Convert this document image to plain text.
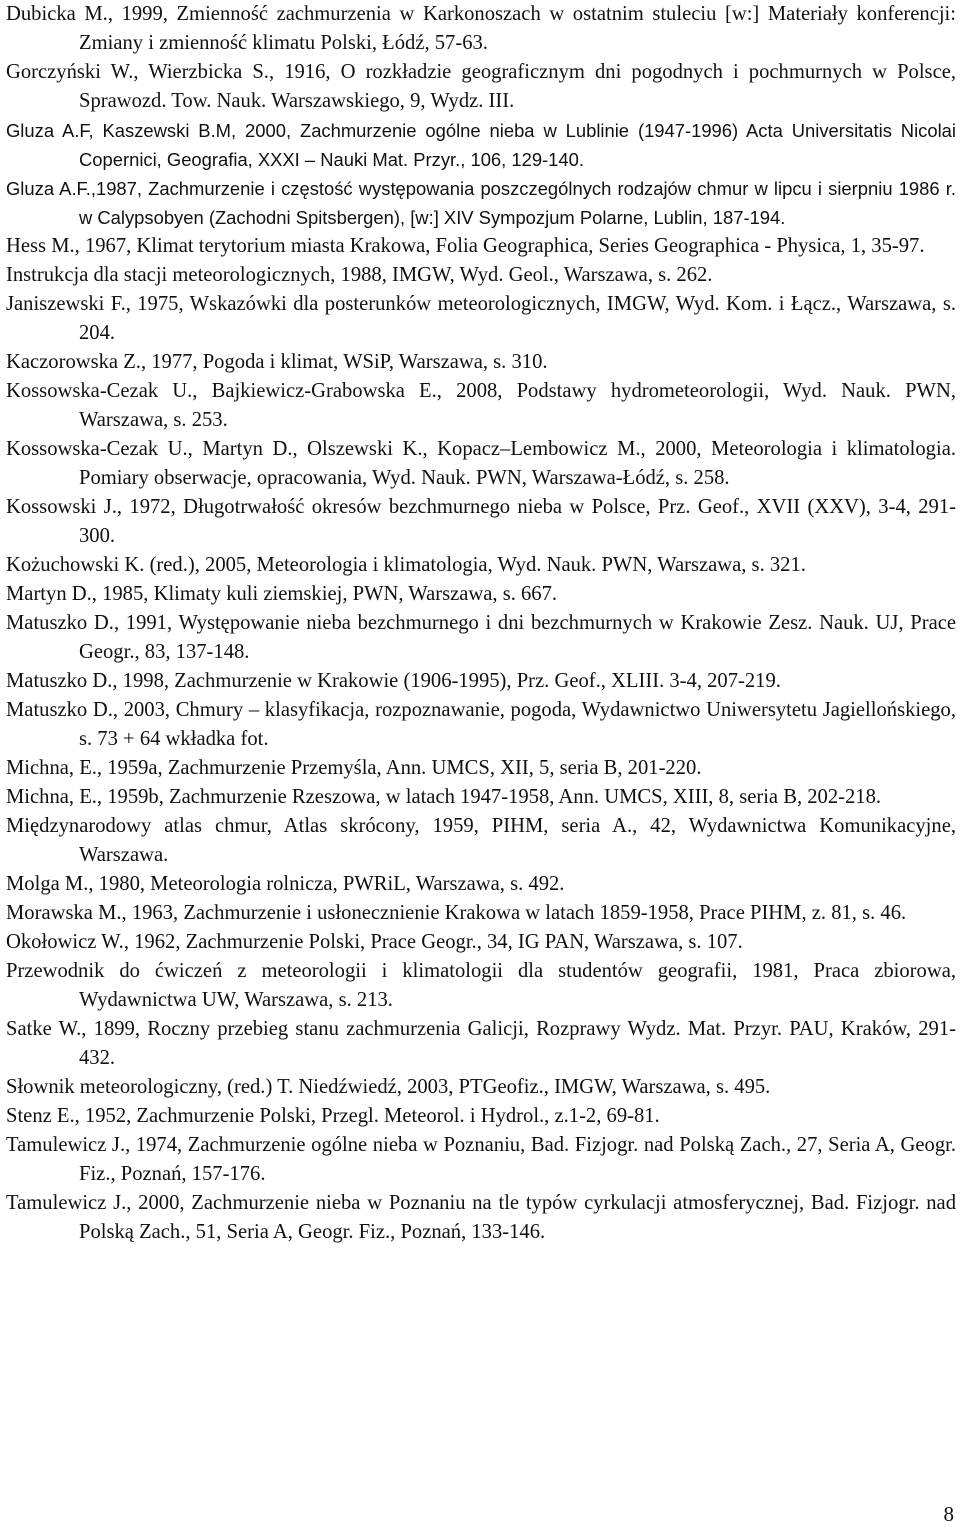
Dubicka M., 1999, Zmienność zachmurzenia w Karkonoszach w ostatnim stuleciu [w:] Materiały konferencji: Zmiany i zmienność klimatu Polski, Łódź, 57-63.

Gorczyński W., Wierzbicka S., 1916, O rozkładzie geograficznym dni pogodnych i pochmurnych w Polsce, Sprawozd. Tow. Nauk. Warszawskiego, 9, Wydz. III.

Gluza A.F, Kaszewski B.M, 2000, Zachmurzenie ogólne nieba w Lublinie (1947-1996) Acta Universitatis Nicolai Copernici, Geografia, XXXI – Nauki Mat. Przyr., 106, 129-140.

Gluza A.F.,1987, Zachmurzenie i częstość występowania poszczególnych rodzajów chmur w lipcu i sierpniu 1986 r. w Calypsobyen (Zachodni Spitsbergen), [w:] XIV Sympozjum Polarne, Lublin, 187-194.

Hess M., 1967, Klimat terytorium miasta Krakowa, Folia Geographica, Series Geographica - Physica, 1, 35-97.

Instrukcja dla stacji meteorologicznych, 1988, IMGW, Wyd. Geol., Warszawa, s. 262.

Janiszewski F., 1975, Wskazówki dla posterunków meteorologicznych, IMGW, Wyd. Kom. i Łącz., Warszawa, s. 204.

Kaczorowska Z., 1977, Pogoda i klimat, WSiP, Warszawa, s. 310.

Kossowska-Cezak U., Bajkiewicz-Grabowska E., 2008, Podstawy hydrometeorologii, Wyd. Nauk. PWN, Warszawa, s. 253.

Kossowska-Cezak U., Martyn D., Olszewski K., Kopacz–Lembowicz M., 2000, Meteorologia i klimatologia. Pomiary obserwacje, opracowania, Wyd. Nauk. PWN, Warszawa-Łódź, s. 258.

Kossowski J., 1972, Długotrwałość okresów bezchmurnego nieba w Polsce, Prz. Geof., XVII (XXV), 3-4, 291-300.

Kożuchowski K. (red.), 2005, Meteorologia i klimatologia, Wyd. Nauk. PWN, Warszawa, s. 321.

Martyn D., 1985, Klimaty kuli ziemskiej, PWN, Warszawa, s. 667.

Matuszko D., 1991, Występowanie nieba bezchmurnego i dni bezchmurnych w Krakowie Zesz. Nauk. UJ, Prace Geogr., 83, 137-148.

Matuszko D., 1998, Zachmurzenie w Krakowie (1906-1995), Prz. Geof., XLIII. 3-4, 207-219.

Matuszko D., 2003, Chmury – klasyfikacja, rozpoznawanie, pogoda, Wydawnictwo Uniwersytetu Jagiellońskiego, s. 73 + 64 wkładka fot.

Michna, E., 1959a, Zachmurzenie Przemyśla, Ann. UMCS, XII, 5, seria B, 201-220.

Michna, E., 1959b, Zachmurzenie Rzeszowa, w latach 1947-1958, Ann. UMCS, XIII, 8, seria B, 202-218.

Międzynarodowy atlas chmur, Atlas skrócony, 1959, PIHM, seria A., 42, Wydawnictwa Komunikacyjne, Warszawa.

Molga M., 1980, Meteorologia rolnicza, PWRiL, Warszawa, s. 492.

Morawska M., 1963, Zachmurzenie i usłonecznienie Krakowa w latach 1859-1958, Prace PIHM, z. 81, s. 46.

Okołowicz W., 1962, Zachmurzenie Polski, Prace Geogr., 34, IG PAN, Warszawa, s. 107.

Przewodnik do ćwiczeń z meteorologii i klimatologii dla studentów geografii, 1981, Praca zbiorowa, Wydawnictwa UW, Warszawa, s. 213.

Satke W., 1899, Roczny przebieg stanu zachmurzenia Galicji, Rozprawy Wydz. Mat. Przyr. PAU, Kraków, 291-432.

Słownik meteorologiczny, (red.) T. Niedźwiedź, 2003, PTGeofiz., IMGW, Warszawa, s. 495.

Stenz E., 1952, Zachmurzenie Polski, Przegl. Meteorol. i Hydrol., z.1-2, 69-81.

Tamulewicz J., 1974, Zachmurzenie ogólne nieba w Poznaniu, Bad. Fizjogr. nad Polską Zach., 27, Seria A, Geogr. Fiz., Poznań, 157-176.

Tamulewicz J., 2000, Zachmurzenie nieba w Poznaniu na tle typów cyrkulacji atmosferycznej, Bad. Fizjogr. nad Polską Zach., 51, Seria A, Geogr. Fiz., Poznań, 133-146.

8
